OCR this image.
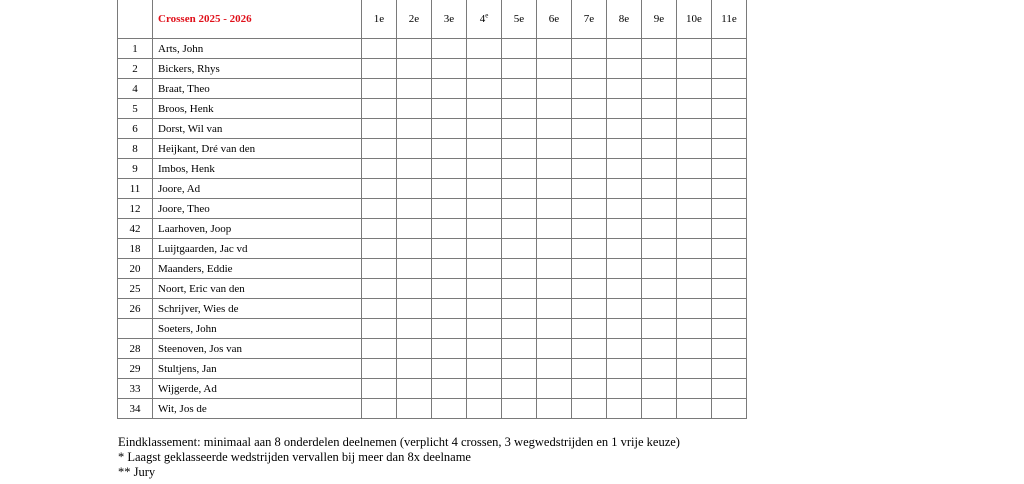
	Crossen 2025 - 2026	1e	2e	3e	4e	5e	6e	7e	8e	9e	10e	11e
1	Arts, John											
2	Bickers, Rhys											
4	Braat, Theo											
5	Broos, Henk											
6	Dorst, Wil van											
8	Heijkant, Dré van den											
9	Imbos, Henk											
11	Joore, Ad											
12	Joore, Theo											
42	Laarhoven, Joop											
18	Luijtgaarden, Jac vd											
20	Maanders, Eddie											
25	Noort, Eric van den											
26	Schrijver, Wies de											
	Soeters, John											
28	Steenoven, Jos van											
29	Stultjens, Jan											
33	Wijgerde, Ad											
34	Wit, Jos de											
Eindklassement: minimaal aan 8 onderdelen deelnemen (verplicht 4 crossen, 3 wegwedstrijden en 1 vrije keuze)
* Laagst geklasseerde wedstrijden vervallen bij meer dan 8x deelname
** Jury
